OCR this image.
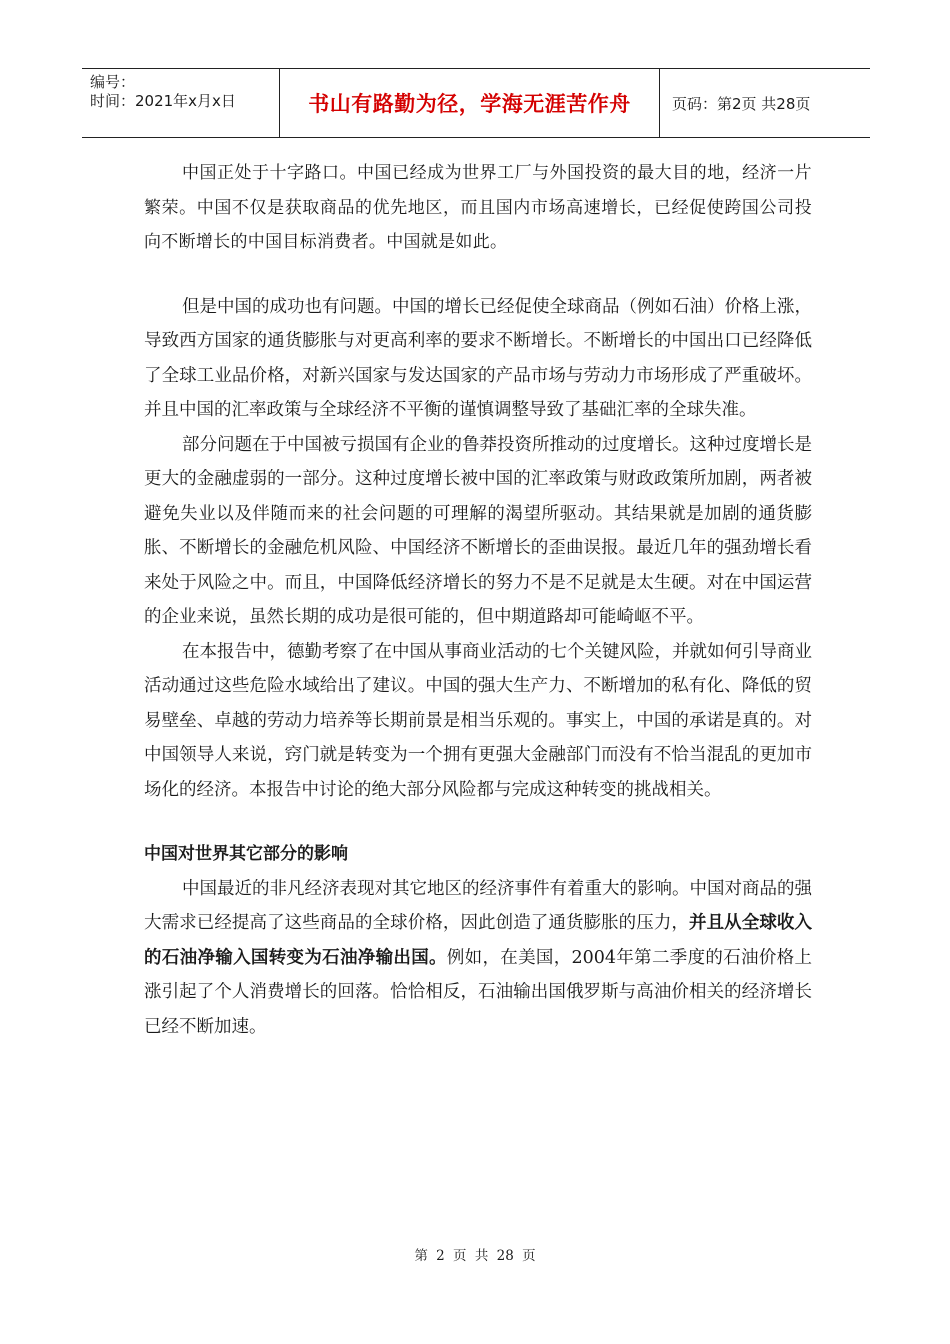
编号：
时间：2021年x月x日	书山有路勤为径，学海无涯苦作舟	页码：第2页 共28页

中国正处于十字路口。中国已经成为世界工厂与外国投资的最大目的地，经济一片繁荣。中国不仅是获取商品的优先地区，而且国内市场高速增长，已经促使跨国公司投向不断增长的中国目标消费者。中国就是如此。

但是中国的成功也有问题。中国的增长已经促使全球商品（例如石油）价格上涨，导致西方国家的通货膨胀与对更高利率的要求不断增长。不断增长的中国出口已经降低了全球工业品价格，对新兴国家与发达国家的产品市场与劳动力市场形成了严重破坏。并且中国的汇率政策与全球经济不平衡的谨慎调整导致了基础汇率的全球失准。

部分问题在于中国被亏损国有企业的鲁莽投资所推动的过度增长。这种过度增长是更大的金融虚弱的一部分。这种过度增长被中国的汇率政策与财政政策所加剧，两者被避免失业以及伴随而来的社会问题的可理解的渴望所驱动。其结果就是加剧的通货膨胀、不断增长的金融危机风险、中国经济不断增长的歪曲误报。最近几年的强劲增长看来处于风险之中。而且，中国降低经济增长的努力不是不足就是太生硬。对在中国运营的企业来说，虽然长期的成功是很可能的，但中期道路却可能崎岖不平。

在本报告中，德勤考察了在中国从事商业活动的七个关键风险，并就如何引导商业活动通过这些危险水域给出了建议。中国的强大生产力、不断增加的私有化、降低的贸易壁垒、卓越的劳动力培养等长期前景是相当乐观的。事实上，中国的承诺是真的。对中国领导人来说，窍门就是转变为一个拥有更强大金融部门而没有不恰当混乱的更加市场化的经济。本报告中讨论的绝大部分风险都与完成这种转变的挑战相关。

中国对世界其它部分的影响

中国最近的非凡经济表现对其它地区的经济事件有着重大的影响。中国对商品的强大需求已经提高了这些商品的全球价格，因此创造了通货膨胀的压力，并且从全球收入的石油净输入国转变为石油净输出国。例如，在美国，2004年第二季度的石油价格上涨引起了个人消费增长的回落。恰恰相反，石油输出国俄罗斯与高油价相关的经济增长已经不断加速。

第 2 页 共 28 页
